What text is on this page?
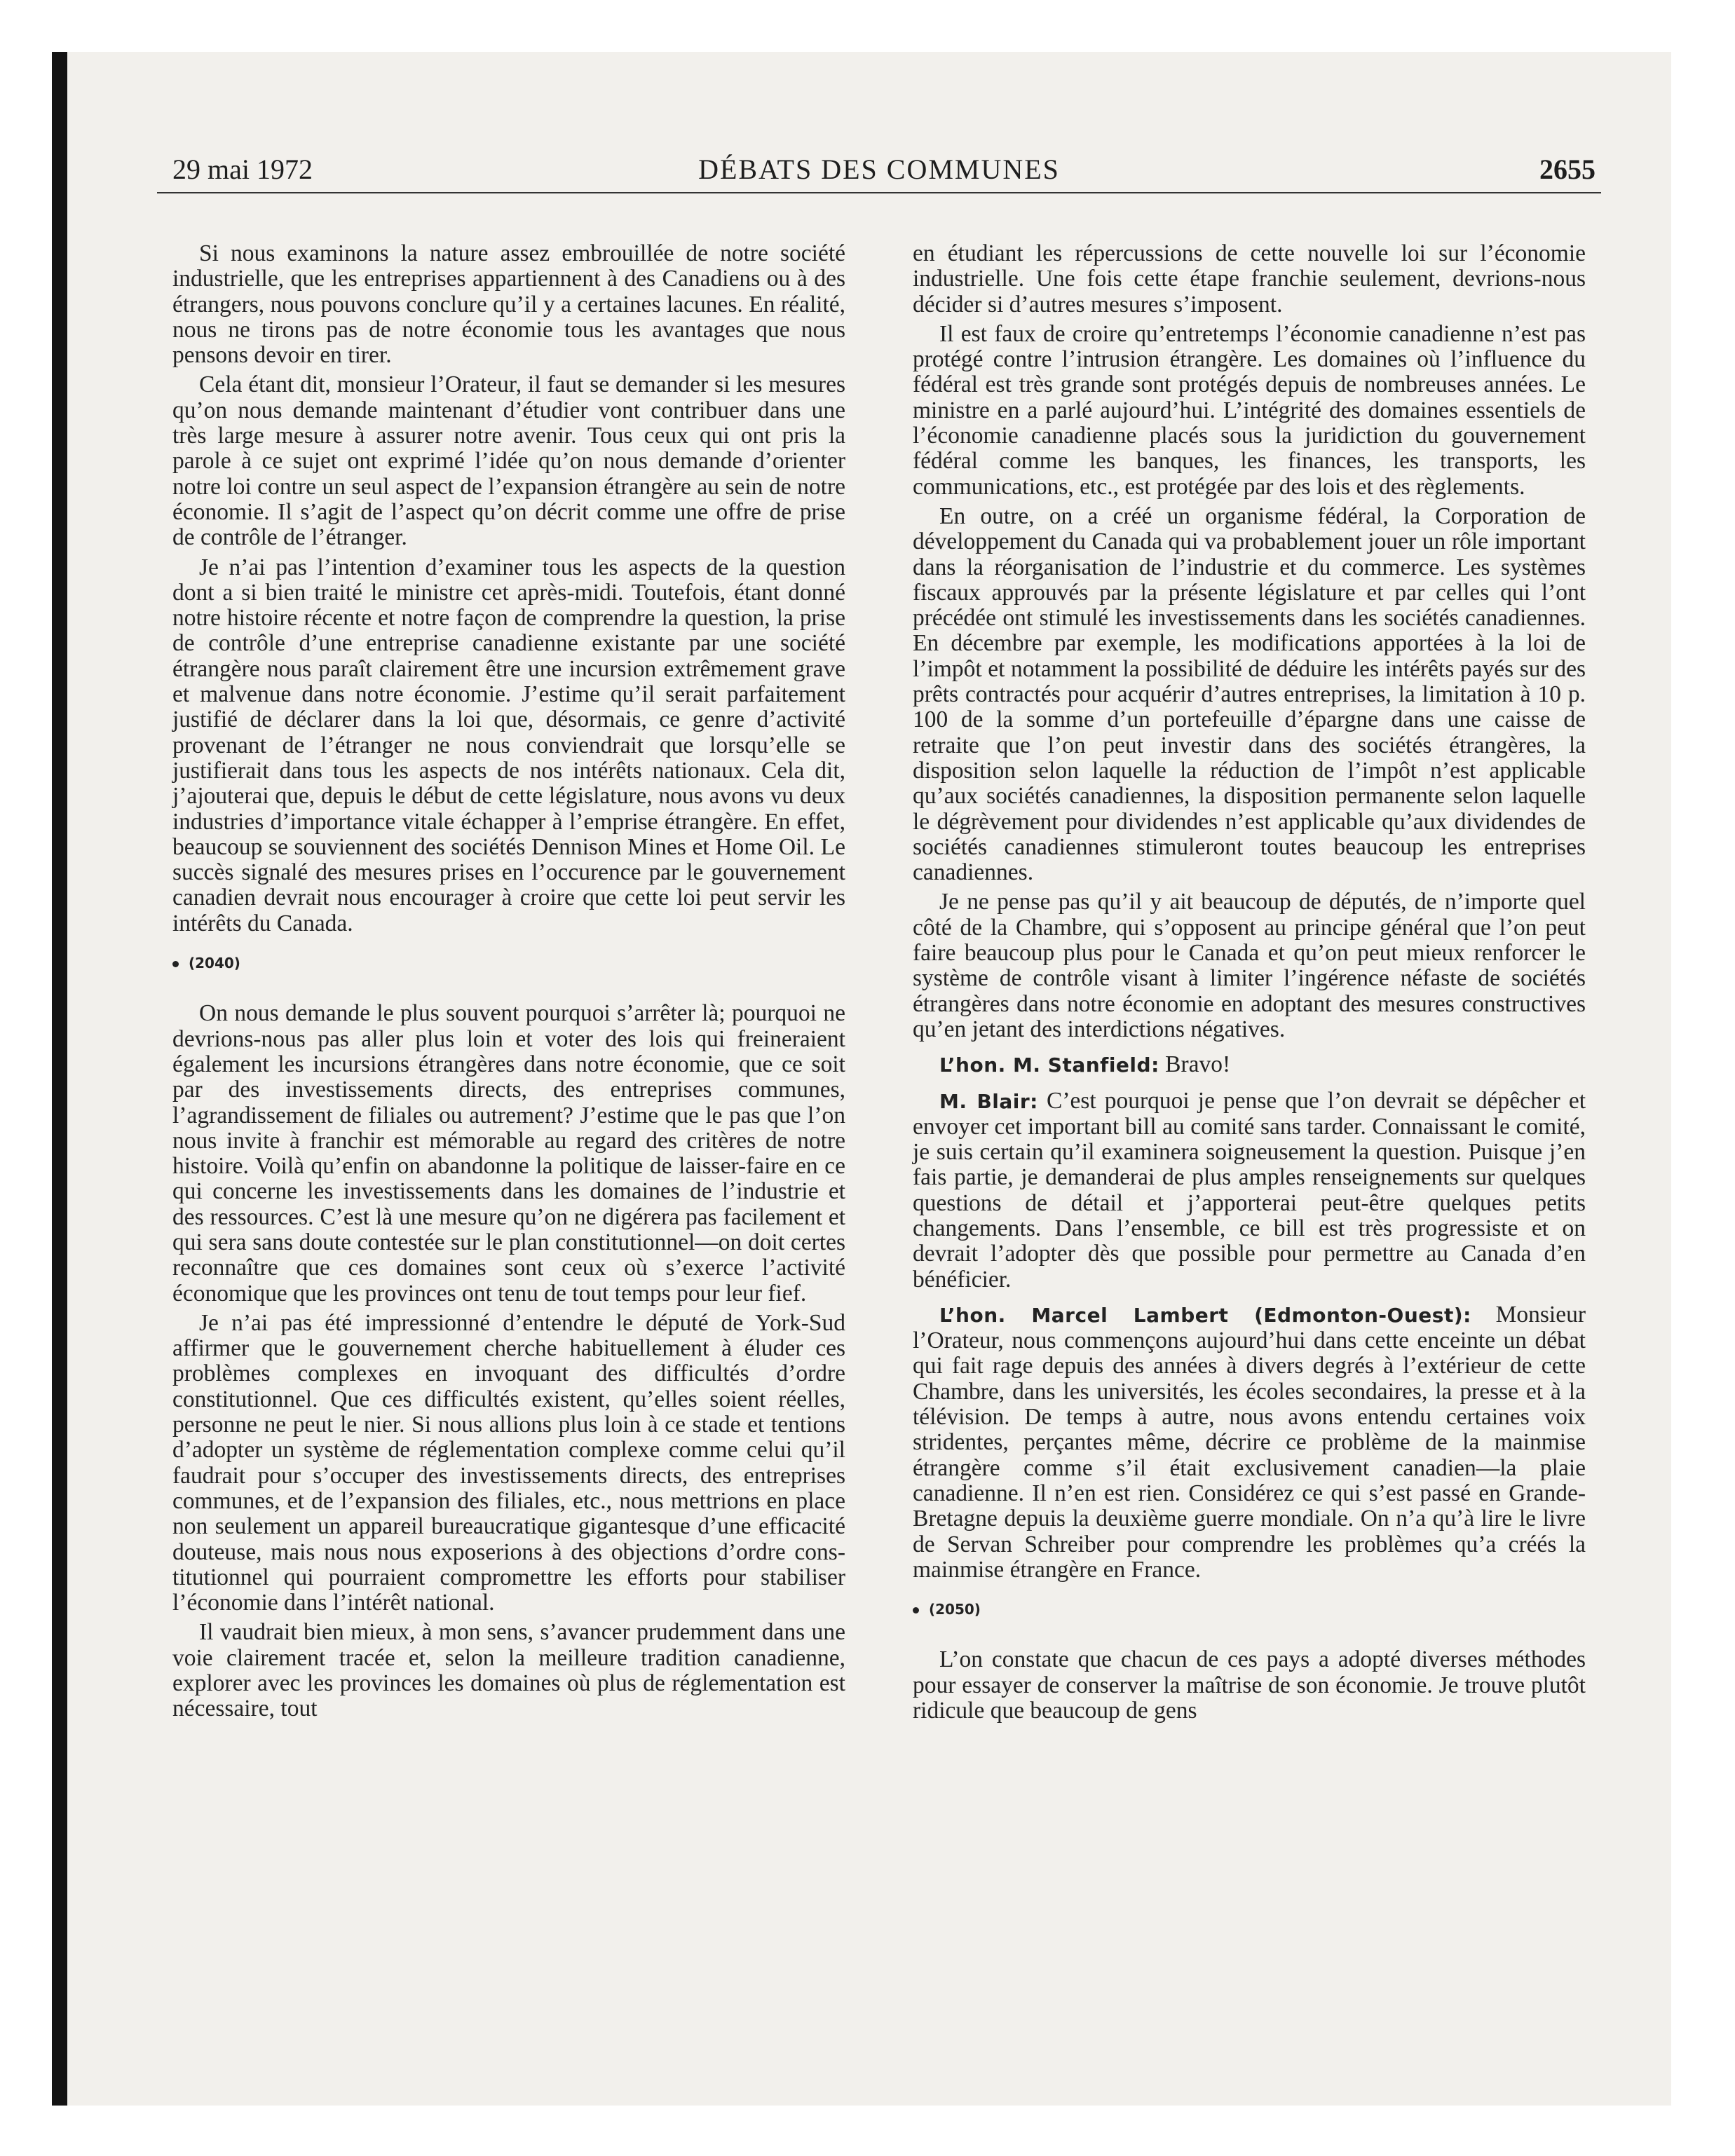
29 mai 1972	DÉBATS DES COMMUNES	2655

Si nous examinons la nature assez embrouillée de notre société industrielle, que les entreprises appartiennent à des Canadiens ou à des étrangers, nous pouvons conclure qu’il y a certaines lacunes. En réalité, nous ne tirons pas de notre économie tous les avantages que nous pensons devoir en tirer.

Cela étant dit, monsieur l’Orateur, il faut se demander si les mesures qu’on nous demande maintenant d’étudier vont contribuer dans une très large mesure à assurer notre avenir. Tous ceux qui ont pris la parole à ce sujet ont exprimé l’idée qu’on nous demande d’orienter notre loi contre un seul aspect de l’expansion étrangère au sein de notre économie. Il s’agit de l’aspect qu’on décrit comme une offre de prise de contrôle de l’étranger.

Je n’ai pas l’intention d’examiner tous les aspects de la question dont a si bien traité le ministre cet après-midi. Toutefois, étant donné notre histoire récente et notre façon de comprendre la question, la prise de contrôle d’une entreprise canadienne existante par une société étrangère nous paraît clairement être une incursion extrêmement grave et malvenue dans notre économie. J’estime qu’il serait parfaitement justifié de déclarer dans la loi que, désormais, ce genre d’activité provenant de l’étranger ne nous conviendrait que lorsqu’elle se justifierait dans tous les aspects de nos intérêts nationaux. Cela dit, j’ajouterai que, depuis le début de cette législature, nous avons vu deux industries d’importance vitale échapper à l’emprise étrangère. En effet, beaucoup se souviennent des sociétés Dennison Mines et Home Oil. Le succès signalé des mesures prises en l’occurence par le gouvernement canadien devrait nous encourager à croire que cette loi peut servir les intérêts du Canada.

(2040)

On nous demande le plus souvent pourquoi s’arrêter là; pourquoi ne devrions-nous pas aller plus loin et voter des lois qui freineraient également les incursions étrangères dans notre économie, que ce soit par des investissements directs, des entreprises communes, l’agrandissement de filiales ou autrement? J’estime que le pas que l’on nous invite à franchir est mémorable au regard des critères de notre histoire. Voilà qu’enfin on abandonne la politique de laisser-faire en ce qui concerne les investissements dans les domaines de l’industrie et des ressources. C’est là une mesure qu’on ne digérera pas facilement et qui sera sans doute contestée sur le plan constitutionnel—on doit certes reconnaître que ces domaines sont ceux où s’exerce l’activité économique que les provinces ont tenu de tout temps pour leur fief.

Je n’ai pas été impressionné d’entendre le député de York-Sud affirmer que le gouvernement cherche habituellement à éluder ces problèmes complexes en invoquant des difficultés d’ordre constitutionnel. Que ces difficultés existent, qu’elles soient réelles, personne ne peut le nier. Si nous allions plus loin à ce stade et tentions d’adopter un système de réglementation complexe comme celui qu’il faudrait pour s’occuper des investissements directs, des entreprises communes, et de l’expansion des filiales, etc., nous mettrions en place non seulement un appareil bureaucratique gigantesque d’une efficacité douteuse, mais nous nous exposerions à des objections d’ordre constitutionnel qui pourraient compromettre les efforts pour stabiliser l’économie dans l’intérêt national.

Il vaudrait bien mieux, à mon sens, s’avancer prudemment dans une voie clairement tracée et, selon la meilleure tradition canadienne, explorer avec les provinces les domaines où plus de réglementation est nécessaire, tout

en étudiant les répercussions de cette nouvelle loi sur l’économie industrielle. Une fois cette étape franchie seulement, devrions-nous décider si d’autres mesures s’imposent.

Il est faux de croire qu’entretemps l’économie canadienne n’est pas protégé contre l’intrusion étrangère. Les domaines où l’influence du fédéral est très grande sont protégés depuis de nombreuses années. Le ministre en a parlé aujourd’hui. L’intégrité des domaines essentiels de l’économie canadienne placés sous la juridiction du gouvernement fédéral comme les banques, les finances, les transports, les communications, etc., est protégée par des lois et des règlements.

En outre, on a créé un organisme fédéral, la Corporation de développement du Canada qui va probablement jouer un rôle important dans la réorganisation de l’industrie et du commerce. Les systèmes fiscaux approuvés par la présente législature et par celles qui l’ont précédée ont stimulé les investissements dans les sociétés canadiennes. En décembre par exemple, les modifications apportées à la loi de l’impôt et notamment la possibilité de déduire les intérêts payés sur des prêts contractés pour acquérir d’autres entreprises, la limitation à 10 p. 100 de la somme d’un portefeuille d’épargne dans une caisse de retraite que l’on peut investir dans des sociétés étrangères, la disposition selon laquelle la réduction de l’impôt n’est applicable qu’aux sociétés canadiennes, la disposition permanente selon laquelle le dégrèvement pour dividendes n’est applicable qu’aux dividendes de sociétés canadiennes stimuleront toutes beaucoup les entreprises canadiennes.

Je ne pense pas qu’il y ait beaucoup de députés, de n’importe quel côté de la Chambre, qui s’opposent au principe général que l’on peut faire beaucoup plus pour le Canada et qu’on peut mieux renforcer le système de contrôle visant à limiter l’ingérence néfaste de sociétés étrangères dans notre économie en adoptant des mesures constructives qu’en jetant des interdictions négatives.

L’hon. M. Stanfield: Bravo!

M. Blair: C’est pourquoi je pense que l’on devrait se dépêcher et envoyer cet important bill au comité sans tarder. Connaissant le comité, je suis certain qu’il examinera soigneusement la question. Puisque j’en fais partie, je demanderai de plus amples renseignements sur quelques questions de détail et j’apporterai peut-être quelques petits changements. Dans l’ensemble, ce bill est très progressiste et on devrait l’adopter dès que possible pour permettre au Canada d’en bénéficier.

L’hon. Marcel Lambert (Edmonton-Ouest): Monsieur l’Orateur, nous commençons aujourd’hui dans cette enceinte un débat qui fait rage depuis des années à divers degrés à l’extérieur de cette Chambre, dans les universités, les écoles secondaires, la presse et à la télévision. De temps à autre, nous avons entendu certaines voix stridentes, perçantes même, décrire ce problème de la mainmise étrangère comme s’il était exclusivement canadien—la plaie canadienne. Il n’en est rien. Considérez ce qui s’est passé en Grande-Bretagne depuis la deuxième guerre mondiale. On n’a qu’à lire le livre de Servan Schreiber pour comprendre les problèmes qu’a créés la mainmise étrangère en France.

(2050)

L’on constate que chacun de ces pays a adopté diverses méthodes pour essayer de conserver la maîtrise de son économie. Je trouve plutôt ridicule que beaucoup de gens
